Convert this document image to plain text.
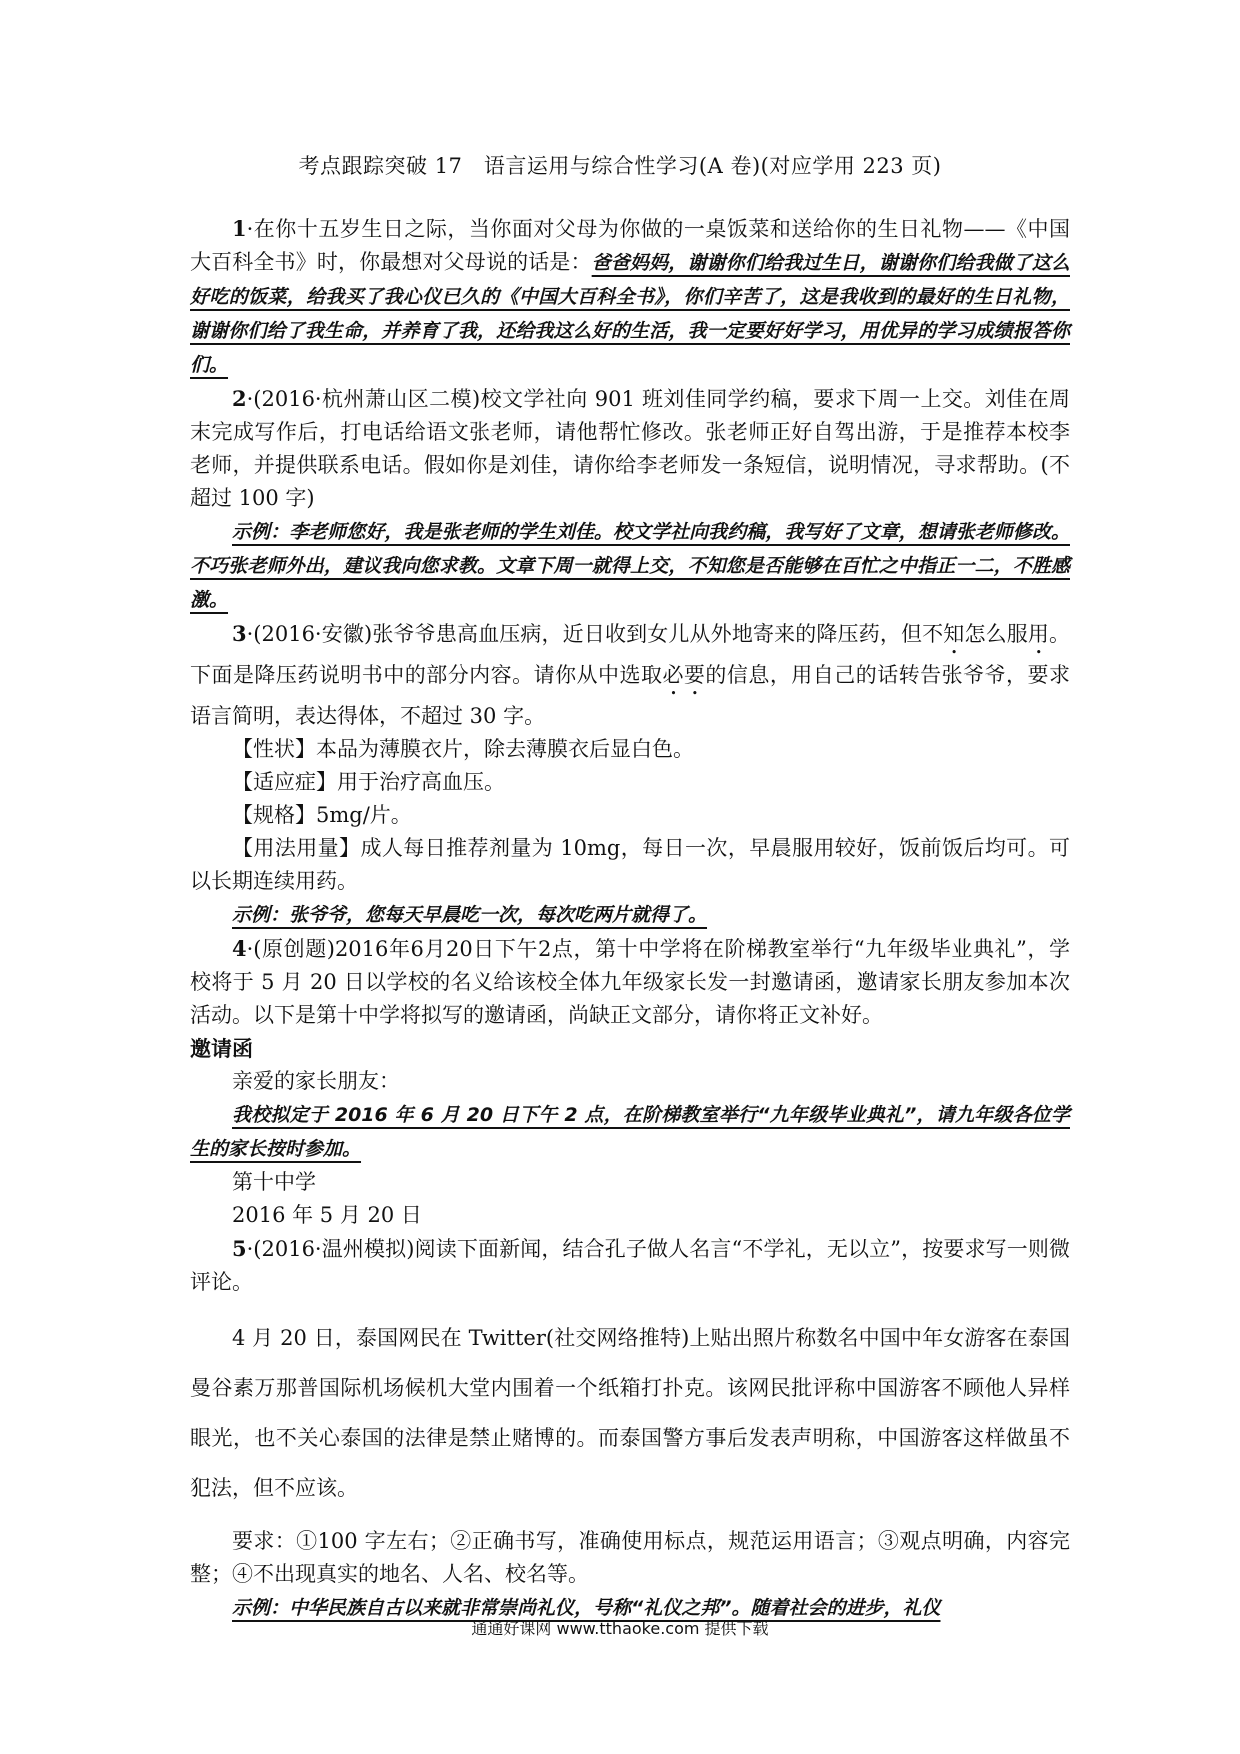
考点跟踪突破 17　语言运用与综合性学习(A 卷)(对应学用 223 页)

1·在你十五岁生日之际，当你面对父母为你做的一桌饭菜和送给你的生日礼物——《中国大百科全书》时，你最想对父母说的话是：爸爸妈妈，谢谢你们给我过生日，谢谢你们给我做了这么好吃的饭菜，给我买了我心仪已久的《中国大百科全书》，你们辛苦了，这是我收到的最好的生日礼物，谢谢你们给了我生命，并养育了我，还给我这么好的生活，我一定要好好学习，用优异的学习成绩报答你们。

2·(2016·杭州萧山区二模)校文学社向 901 班刘佳同学约稿，要求下周一上交。刘佳在周末完成写作后，打电话给语文张老师，请他帮忙修改。张老师正好自驾出游，于是推荐本校李老师，并提供联系电话。假如你是刘佳，请你给李老师发一条短信，说明情况，寻求帮助。(不超过 100 字)

示例：李老师您好，我是张老师的学生刘佳。校文学社向我约稿，我写好了文章，想请张老师修改。不巧张老师外出，建议我向您求教。文章下周一就得上交，不知您是否能够在百忙之中指正一二，不胜感激。

3·(2016·安徽)张爷爷患高血压病，近日收到女儿从外地寄来的降压药，但不知怎么服用。下面是降压药说明书中的部分内容。请你从中选取必要的信息，用自己的话转告张爷爷，要求语言简明，表达得体，不超过 30 字。

【性状】本品为薄膜衣片，除去薄膜衣后显白色。

【适应症】用于治疗高血压。

【规格】5mg/片。

【用法用量】成人每日推荐剂量为 10mg，每日一次，早晨服用较好，饭前饭后均可。可以长期连续用药。

示例：张爷爷，您每天早晨吃一次，每次吃两片就得了。

4·(原创题)2016年6月20日下午2点，第十中学将在阶梯教室举行“九年级毕业典礼”，学校将于 5 月 20 日以学校的名义给该校全体九年级家长发一封邀请函，邀请家长朋友参加本次活动。以下是第十中学将拟写的邀请函，尚缺正文部分，请你将正文补好。

邀请函

亲爱的家长朋友：

我校拟定于 2016 年 6 月 20 日下午 2 点，在阶梯教室举行“九年级毕业典礼”，请九年级各位学生的家长按时参加。

第十中学

2016 年 5 月 20 日

5·(2016·温州模拟)阅读下面新闻，结合孔子做人名言“不学礼，无以立”，按要求写一则微评论。

4 月 20 日，泰国网民在 Twitter(社交网络推特)上贴出照片称数名中国中年女游客在泰国曼谷素万那普国际机场候机大堂内围着一个纸箱打扑克。该网民批评称中国游客不顾他人异样眼光，也不关心泰国的法律是禁止赌博的。而泰国警方事后发表声明称，中国游客这样做虽不犯法，但不应该。

要求：①100 字左右；②正确书写，准确使用标点，规范运用语言；③观点明确，内容完整；④不出现真实的地名、人名、校名等。

示例：中华民族自古以来就非常崇尚礼仪，号称“礼仪之邦”。随着社会的进步，礼仪

通通好课网 www.tthaoke.com 提供下载
